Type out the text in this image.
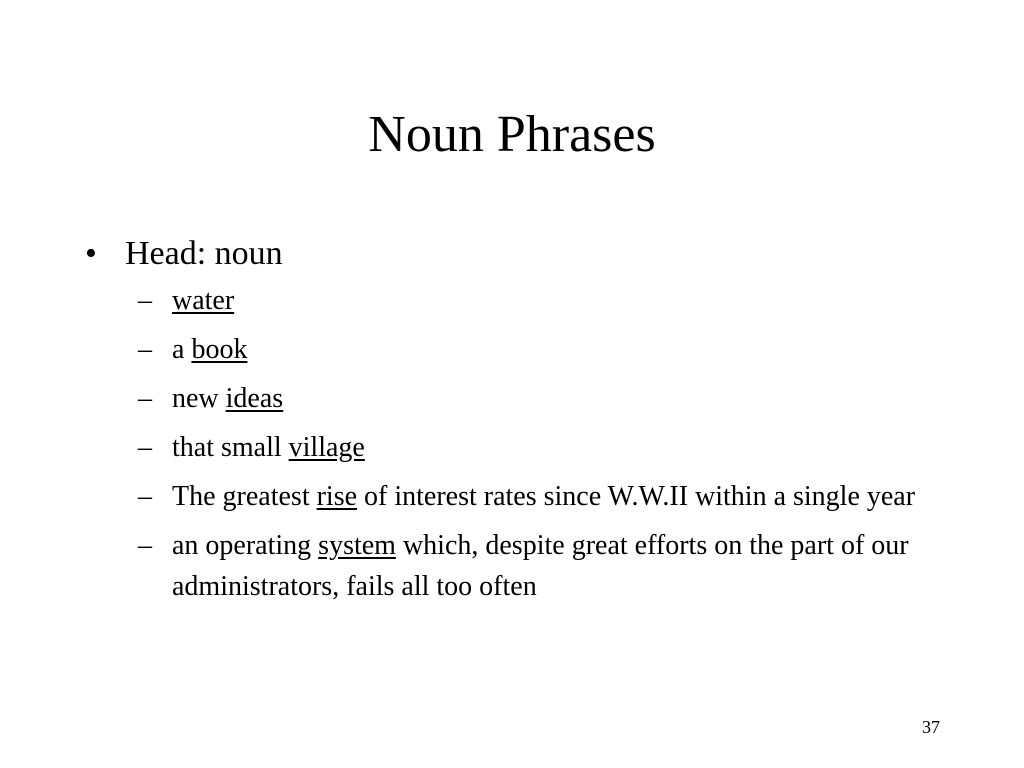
Noun Phrases
• Head: noun
– water
– a book
– new ideas
– that small village
– The greatest rise of interest rates since W.W.II within a single year
– an operating system which, despite great efforts on the part of our administrators, fails all too often
37
